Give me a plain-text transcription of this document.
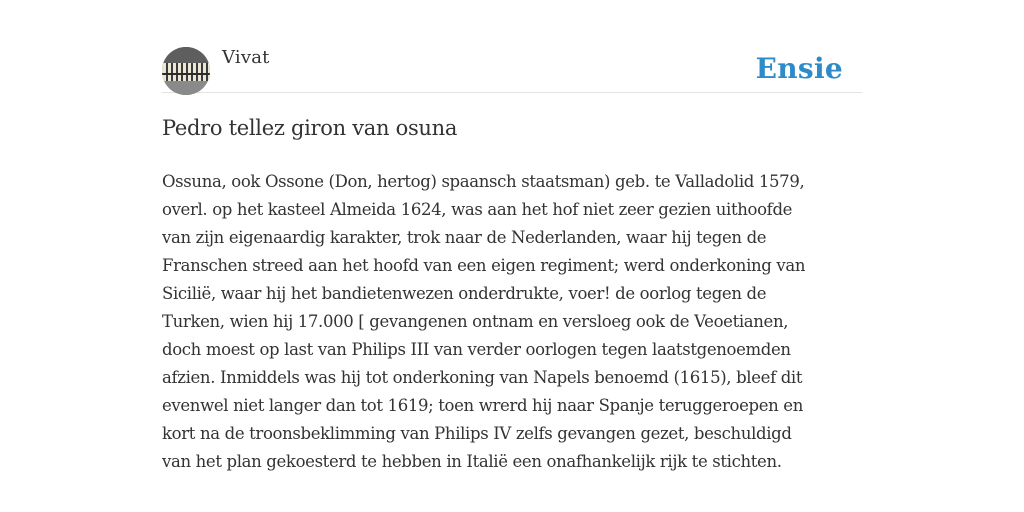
Vivat	Ensie
Pedro tellez giron van osuna
Ossuna, ook Ossone (Don, hertog) spaansch staatsman) geb. te Valladolid 1579,
overl. op het kasteel Almeida 1624, was aan het hof niet zeer gezien uithoofde
van zijn eigenaardig karakter, trok naar de Nederlanden, waar hij tegen de
Franschen streed aan het hoofd van een eigen regiment; werd onderkoning van
Sicilië, waar hij het bandietenwezen onderdrukte, voer! de oorlog tegen de
Turken, wien hij 17.000 [ gevangenen ontnam en versloeg ook de Veoetianen,
doch moest op last van Philips III van verder oorlogen tegen laatstgenoemden
afzien. Inmiddels was hij tot onderkoning van Napels benoemd (1615), bleef dit
evenwel niet langer dan tot 1619; toen wrerd hij naar Spanje teruggeroepen en
kort na de troonsbeklimming van Philips IV zelfs gevangen gezet, beschuldigd
van het plan gekoesterd te hebben in Italië een onafhankelijk rijk te stichten.
